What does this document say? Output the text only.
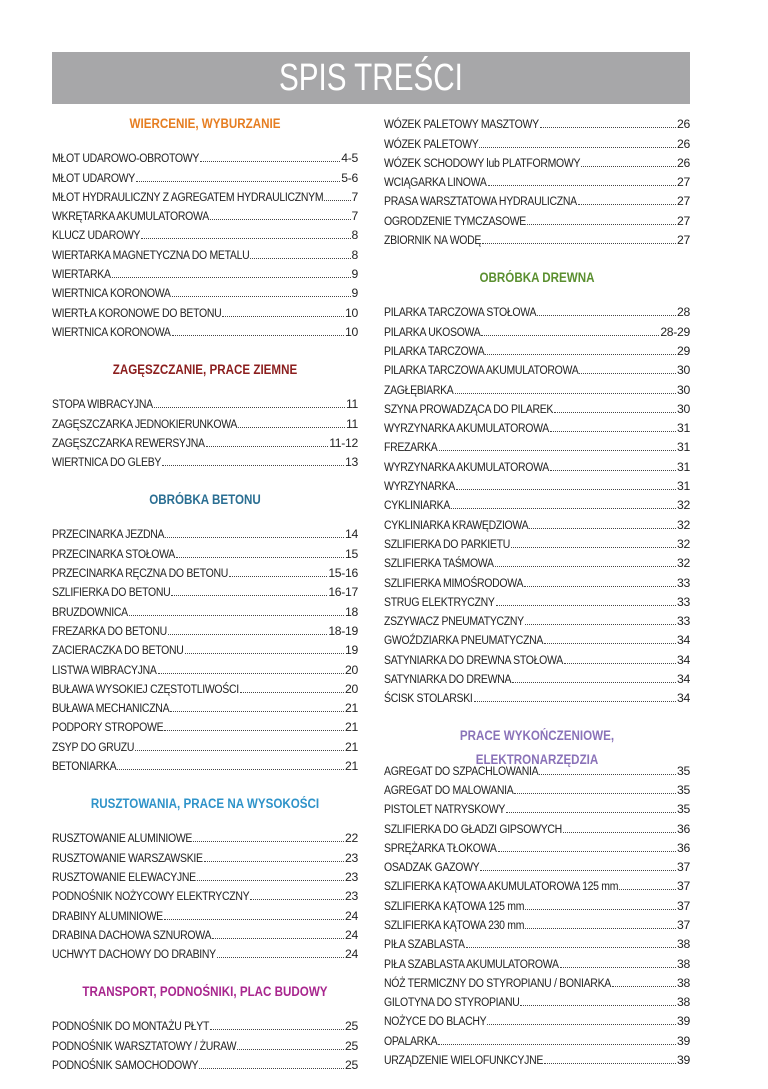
SPIS TREŚCI
WIERCENIE, WYBURZANIE
MŁOT UDAROWO-OBROTOWY	4-5
MŁOT UDAROWY	5-6
MŁOT HYDRAULICZNY Z AGREGATEM HYDRAULICZNYM 7
WKRĘTARKA AKUMULATOROWA	7
KLUCZ UDAROWY	8
WIERTARKA MAGNETYCZNA DO METALU	8
WIERTARKA	9
WIERTNICA KORONOWA	9
WIERTŁA KORONOWE DO BETONU	10
WIERTNICA KORONOWA	10
ZAGĘSZCZANIE, PRACE ZIEMNE
STOPA WIBRACYJNA	11
ZAGĘSZCZARKA JEDNOKIERUNKOWA	11
ZAGĘSZCZARKA REWERSYJNA	11-12
WIERTNICA DO GLEBY	13
OBRÓBKA BETONU
PRZECINARKA JEZDNA	14
PRZECINARKA STOŁOWA	15
PRZECINARKA RĘCZNA DO BETONU	15-16
SZLIFIERKA DO BETONU	16-17
BRUZDOWNICA	18
FREZARKA DO BETONU	18-19
ZACIERACZKA DO BETONU	19
LISTWA WIBRACYJNA	20
BUŁAWA WYSOKIEJ CZĘSTOTLIWOŚCI	20
BUŁAWA MECHANICZNA	21
PODPORY STROPOWE	21
ZSYP DO GRUZU	21
BETONIARKA	21
RUSZTOWANIA, PRACE NA WYSOKOŚCI
RUSZTOWANIE ALUMINIOWE	22
RUSZTOWANIE WARSZAWSKIE	23
RUSZTOWANIE ELEWACYJNE	23
PODNOŚNIK NOŻYCOWY ELEKTRYCZNY	23
DRABINY ALUMINIOWE	24
DRABINA DACHOWA SZNUROWA	24
UCHWYT DACHOWY DO DRABINY	24
TRANSPORT, PODNOŚNIKI, PLAC BUDOWY
PODNOŚNIK DO MONTAŻU PŁYT	25
PODNOŚNIK WARSZTATOWY / ŻURAW	25
PODNOŚNIK SAMOCHODOWY	25
WÓZEK PALETOWY MASZTOWY	26
WÓZEK PALETOWY	26
WÓZEK SCHODOWY lub PLATFORMOWY	26
WCIĄGARKA LINOWA	27
PRASA WARSZTATOWA HYDRAULICZNA	27
OGRODZENIE TYMCZASOWE	27
ZBIORNIK NA WODĘ	27
OBRÓBKA DREWNA
PILARKA TARCZOWA STOŁOWA	28
PILARKA UKOSOWA	28-29
PILARKA TARCZOWA	29
PILARKA TARCZOWA AKUMULATOROWA	30
ZAGŁĘBIARKA	30
SZYNA PROWADZĄCA DO PILAREK	30
WYRZYNARKA AKUMULATOROWA	31
FREZARKA	31
WYRZYNARKA AKUMULATOROWA	31
WYRZYNARKA	31
CYKLINIARKA	32
CYKLINIARKA KRAWĘDZIOWA	32
SZLIFIERKA DO PARKIETU	32
SZLIFIERKA TAŚMOWA	32
SZLIFIERKA MIMOŚRODOWA	33
STRUG ELEKTRYCZNY	33
ZSZYWACZ PNEUMATYCZNY	33
GWOŹDZIARKA PNEUMATYCZNA	34
SATYNIARKA DO DREWNA STOŁOWA	34
SATYNIARKA DO DREWNA	34
ŚCISK STOLARSKI	34
PRACE WYKOŃCZENIOWE, ELEKTRONARZĘDZIA
AGREGAT DO SZPACHLOWANIA	35
AGREGAT DO MALOWANIA	35
PISTOLET NATRYSKOWY	35
SZLIFIERKA DO GŁADZI GIPSOWYCH	36
SPRĘŻARKA TŁOKOWA	36
OSADZAK GAZOWY	37
SZLIFIERKA KĄTOWA AKUMULATOROWA 125 mm	37
SZLIFIERKA KĄTOWA 125 mm	37
SZLIFIERKA KĄTOWA 230 mm	37
PIŁA SZABLASTA	38
PIŁA SZABLASTA AKUMULATOROWA	38
NÓŻ TERMICZNY DO STYROPIANU / BONIARKA	38
GILOTYNA DO STYROPIANU	38
NOŻYCE DO BLACHY	39
OPALARKA	39
URZĄDZENIE WIELOFUNKCYJNE	39
